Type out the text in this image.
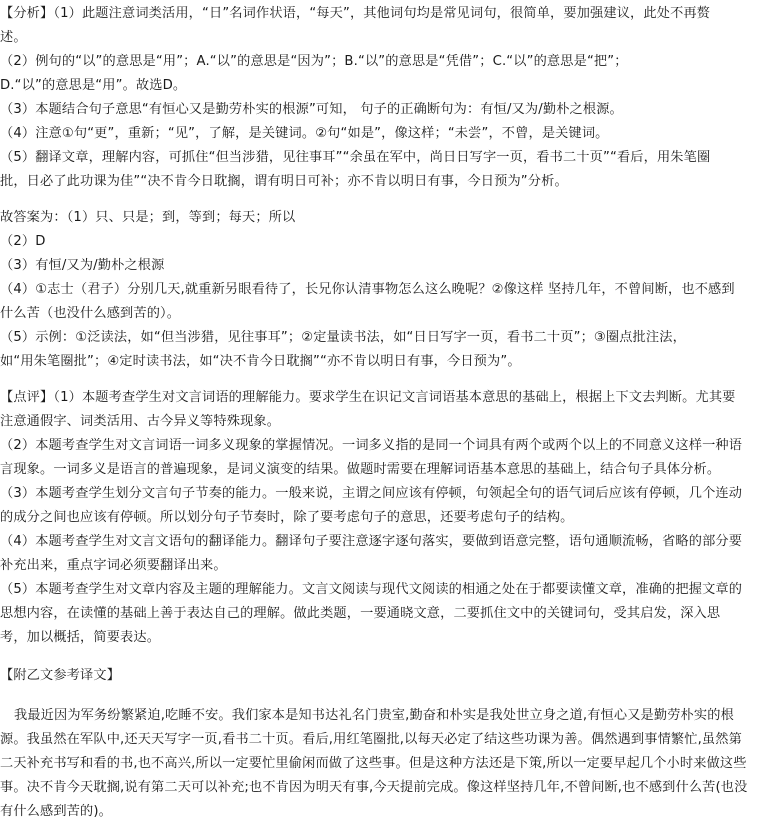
【分析】（1）此题注意词类活用，“日”名词作状语，“每天”，其他词句均是常见词句，很简单，要加强建议，此处不再赘
述。
（2）例句的“以”的意思是“用”；A.“以”的意思是“因为”；B.“以”的意思是“凭借”；C.“以”的意思是“把”；
D.“以”的意思是“用”。故选D。
（3）本题结合句子意思“有恒心又是勤劳朴实的根源”可知， 句子的正确断句为：有恒/又为/勤朴之根源。
（4）注意①句“更”，重新；“见”，了解，是关键词。②句“如是”，像这样；“未尝”，不曾，是关键词。
（5）翻译文章，理解内容，可抓住“但当涉猎，见往事耳”“余虽在军中，尚日日写字一页，看书二十页”“看后，用朱笔圈
批，日必了此功课为佳”“决不肯今日耽搁，谓有明日可补；亦不肯以明日有事，今日预为”分析。
故答案为：（1）只、只是；到，等到；每天；所以
（2）D
（3）有恒/又为/勤朴之根源
（4）①志士（君子）分别几天,就重新另眼看待了，长兄你认清事物怎么这么晚呢？②像这样 坚持几年，不曾间断，也不感到
什么苦（也没什么感到苦的）。
（5）示例：①泛读法，如“但当涉猎，见往事耳”；②定量读书法，如“日日写字一页，看书二十页”；③圈点批注法，
如“用朱笔圈批”；④定时读书法，如“决不肯今日耽搁”“亦不肯以明日有事，今日预为”。
【点评】（1）本题考查学生对文言词语的理解能力。要求学生在识记文言词语基本意思的基础上，根据上下文去判断。尤其要
注意通假字、词类活用、古今异义等特殊现象。
（2）本题考查学生对文言词语一词多义现象的掌握情况。一词多义指的是同一个词具有两个或两个以上的不同意义这样一种语
言现象。一词多义是语言的普遍现象，是词义演变的结果。做题时需要在理解词语基本意思的基础上，结合句子具体分析。
（3）本题考查学生划分文言句子节奏的能力。一般来说，主谓之间应该有停顿，句领起全句的语气词后应该有停顿，几个连动
的成分之间也应该有停顿。所以划分句子节奏时，除了要考虑句子的意思，还要考虑句子的结构。
（4）本题考查学生对文言文语句的翻译能力。翻译句子要注意逐字逐句落实，要做到语意完整，语句通顺流畅，省略的部分要
补充出来，重点字词必须要翻译出来。
（5）本题考查学生对文章内容及主题的理解能力。文言文阅读与现代文阅读的相通之处在于都要读懂文章，准确的把握文章的
思想内容，在读懂的基础上善于表达自己的理解。做此类题，一要通晓文意，二要抓住文中的关键词句，受其启发，深入思
考，加以概括，简要表达。
【附乙文参考译文】
我最近因为军务纷繁紧迫,吃睡不安。我们家本是知书达礼名门贵室,勤奋和朴实是我处世立身之道,有恒心又是勤劳朴实的根
源。我虽然在军队中,还天天写字一页,看书二十页。看后,用红笔圈批,以每天必定了结这些功课为善。偶然遇到事情繁忙,虽然第
二天补充书写和看的书,也不高兴,所以一定要忙里偷闲而做了这些事。但是这种方法还是下策,所以一定要早起几个小时来做这些
事。决不肯今天耽搁,说有第二天可以补充;也不肯因为明天有事,今天提前完成。像这样坚持几年,不曾间断,也不感到什么苦(也没
有什么感到苦的)。
